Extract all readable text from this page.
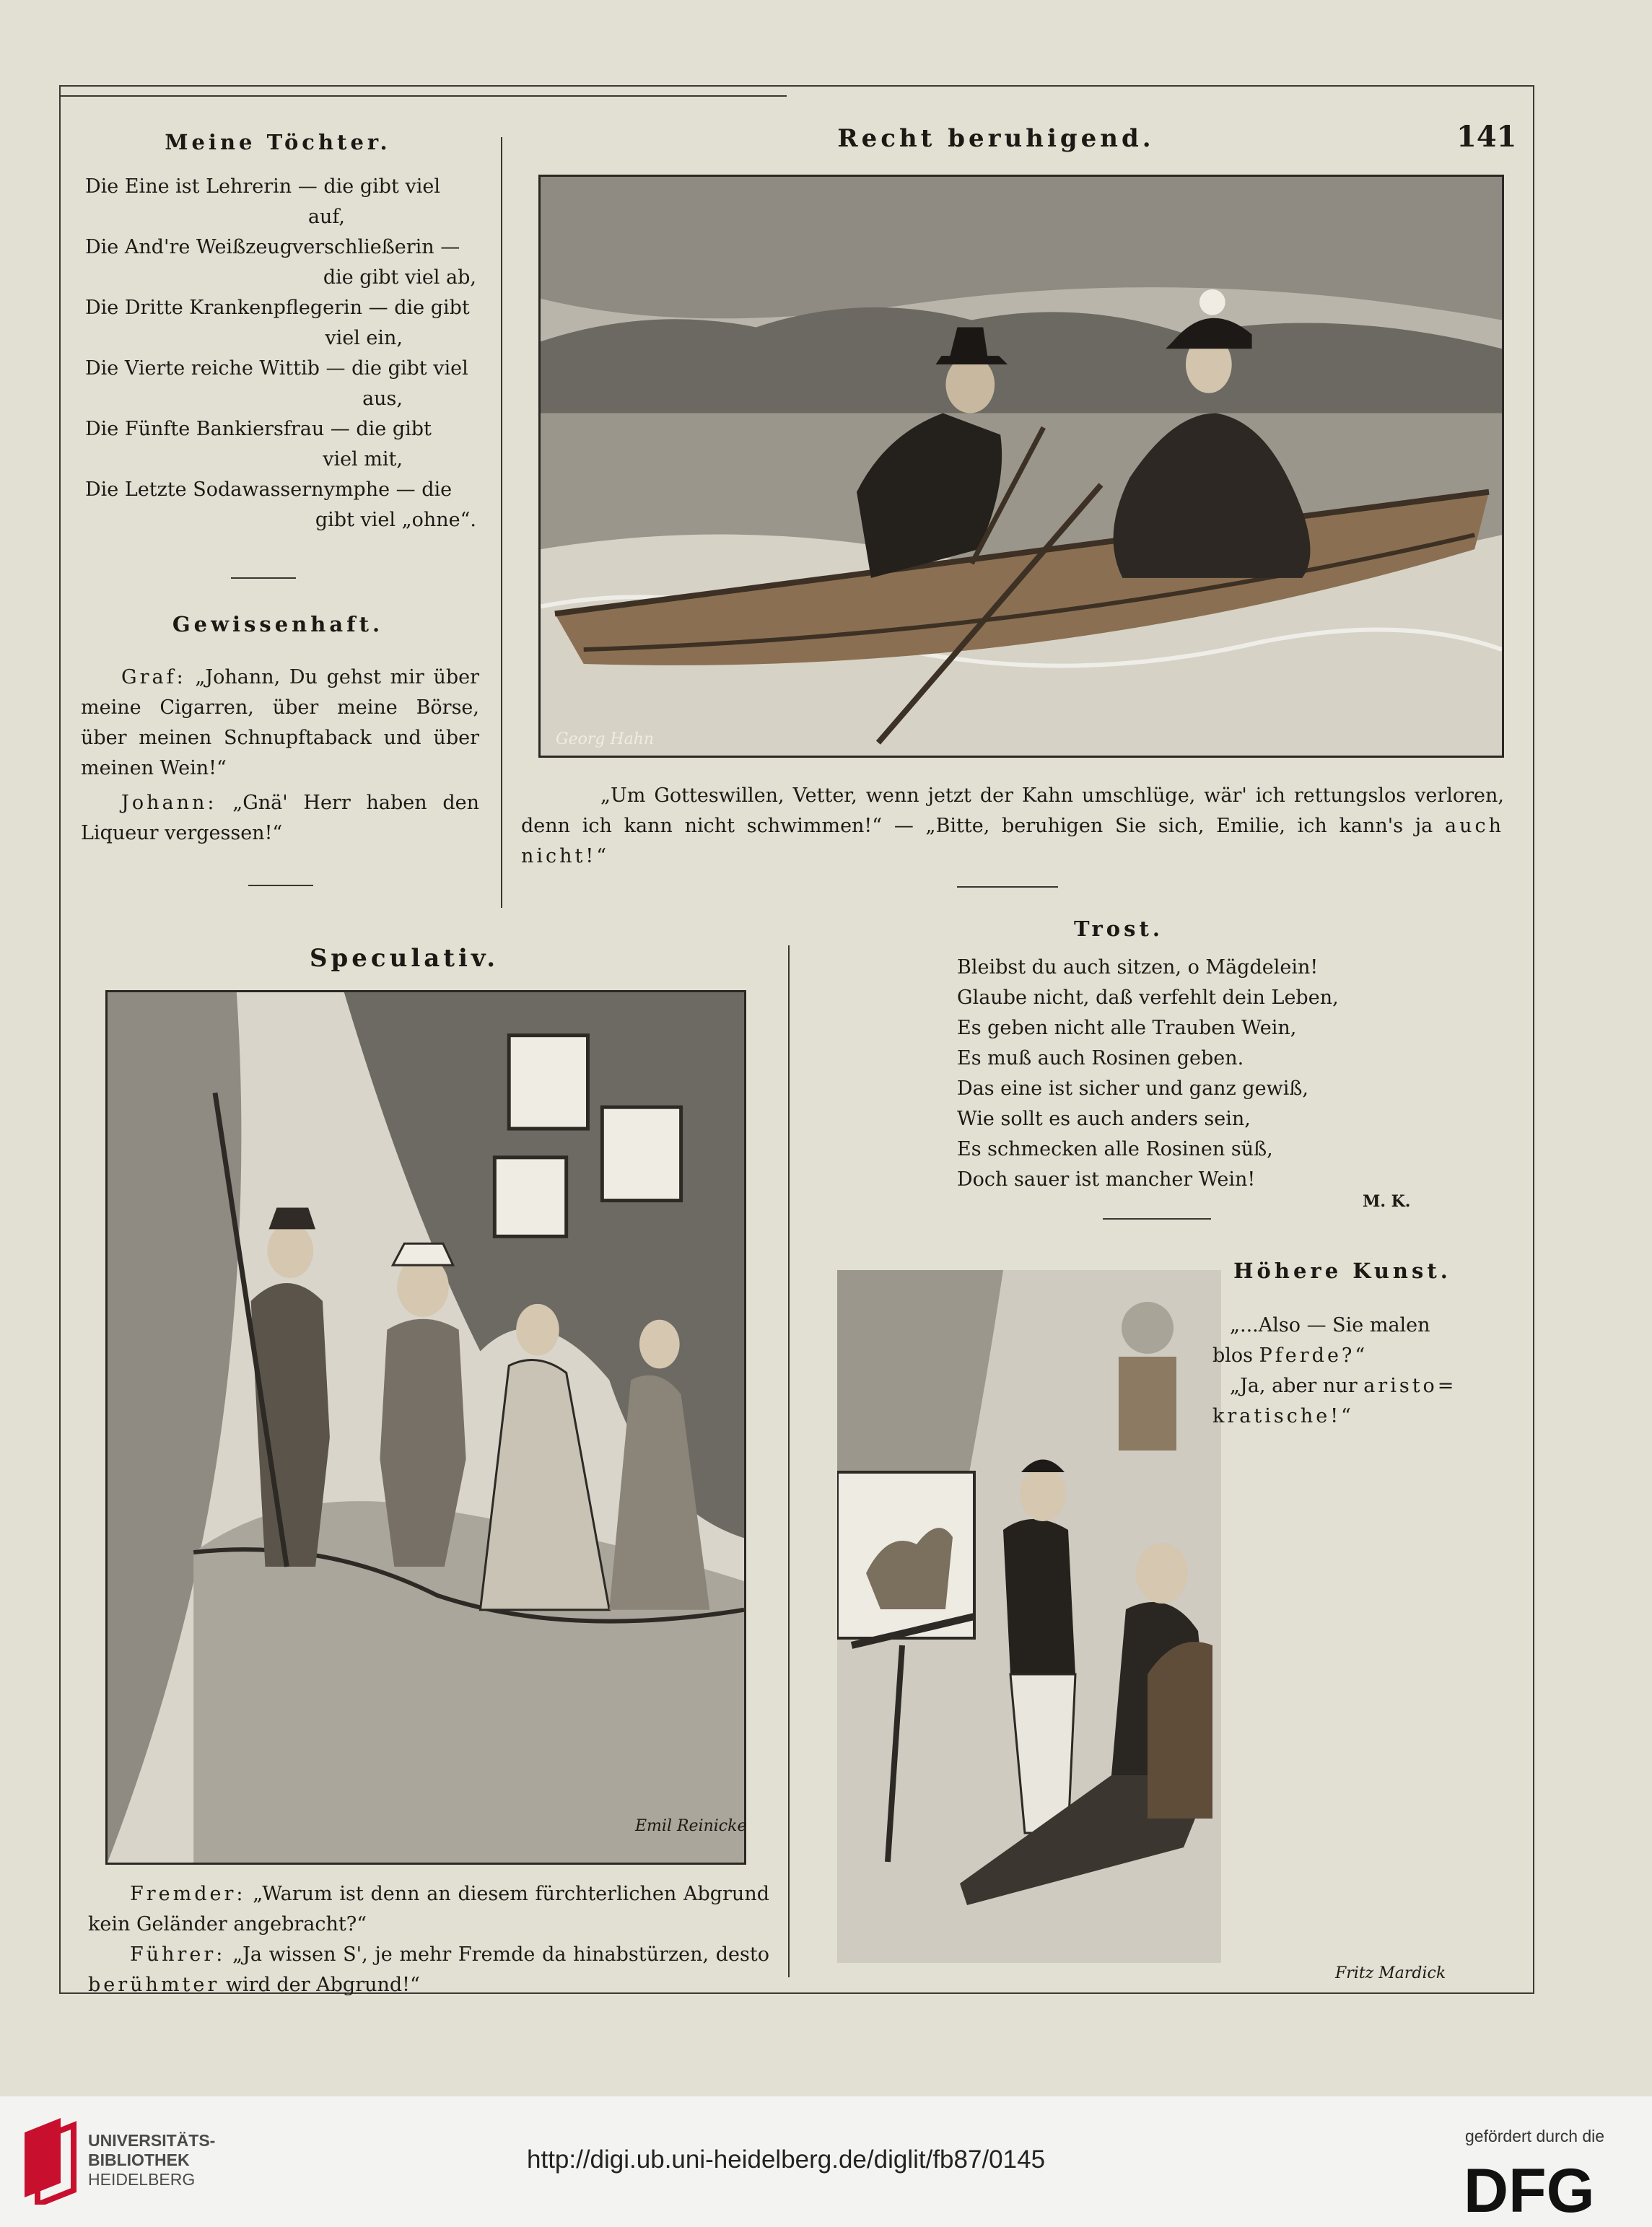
Meine Töchter.
Die Eine ist Lehrerin — die gibt viel
auf,
Die And're Weißzeugverschließerin —
die gibt viel ab,
Die Dritte Krankenpflegerin — die gibt
viel ein,
Die Vierte reiche Wittib — die gibt viel
aus,
Die Fünfte Bankiersfrau — die gibt
viel mit,
Die Letzte Sodawassernymphe — die
gibt viel „ohne“.
Gewissenhaft.

Graf: „Johann, Du gehst mir über meine Cigarren, über meine Börse, über meinen Schnupftaback und über meinen Wein!“

Johann: „Gnä' Herr haben den Liqueur vergessen!“

Recht beruhigend.	141

Georg Hahn

„Um Gotteswillen, Vetter, wenn jetzt der Kahn umschlüge, wär' ich rettungslos verloren, denn ich kann nicht schwimmen!“ — „Bitte, beruhigen Sie sich, Emilie, ich kann's ja auch nicht!“

Speculativ.
Emil Reinicke

Fremder: „Warum ist denn an diesem fürchterlichen Abgrund kein Geländer angebracht?“

Führer: „Ja wissen S', je mehr Fremde da hinabstürzen, desto berühmter wird der Abgrund!“

Trost.
Bleibst du auch sitzen, o Mägdelein!
Glaube nicht, daß verfehlt dein Leben,
Es geben nicht alle Trauben Wein,
Es muß auch Rosinen geben.
Das eine ist sicher und ganz gewiß,
Wie sollt es auch anders sein,
Es schmecken alle Rosinen süß,
Doch sauer ist mancher Wein!

M. K.

Fritz Mardick
Höhere Kunst.
„...Also — Sie malen
blos Pferde?“
„Ja, aber nur aristo=
kratische!“
UNIVERSITÄTS-
BIBLIOTHEK
HEIDELBERG
http://digi.ub.uni-heidelberg.de/diglit/fb87/0145
gefördert durch die
DFG
